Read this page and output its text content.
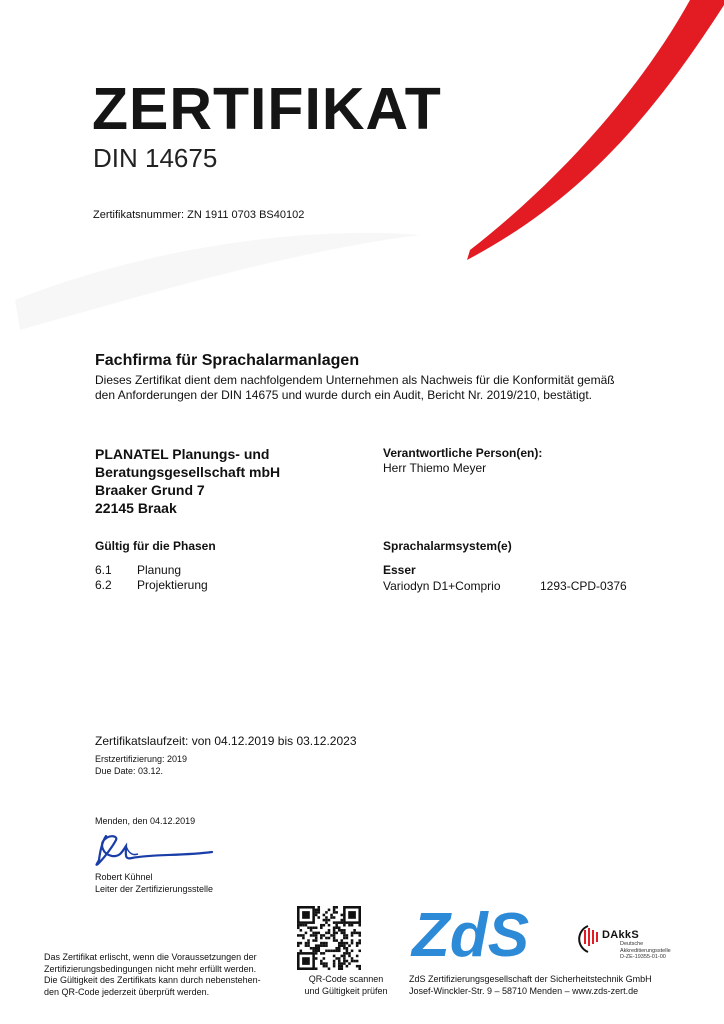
ZERTIFIKAT
DIN 14675
Zertifikatsnummer: ZN 1911 0703 BS40102
Fachfirma für Sprachalarmanlagen
Dieses Zertifikat dient dem nachfolgendem Unternehmen als Nachweis für die Konformität gemäß
den Anforderungen der DIN 14675 und wurde durch ein Audit, Bericht Nr. 2019/210, bestätigt.
PLANATEL Planungs- und
Beratungsgesellschaft mbH
Braaker Grund 7
22145 Braak
Verantwortliche Person(en):
Herr Thiemo Meyer
Gültig für die Phasen
6.1 Planung
6.2 Projektierung
Sprachalarmsystem(e)
Esser
Variodyn D1+Comprio	1293-CPD-0376
Zertifikatslaufzeit: von 04.12.2019 bis 03.12.2023
Erstzertifizierung: 2019
Due Date: 03.12.
Menden, den 04.12.2019
Robert Kühnel
Leiter der Zertifizierungsstelle
Das Zertifikat erlischt, wenn die Voraussetzungen der
Zertifizierungsbedingungen nicht mehr erfüllt werden.
Die Gültigkeit des Zertifikats kann durch nebenstehen-
den QR-Code jederzeit überprüft werden.
QR-Code scannen
und Gültigkeit prüfen
ZdS
ZdS Zertifizierungsgesellschaft der Sicherheitstechnik GmbH
Josef-Winckler-Str. 9 – 58710 Menden – www.zds-zert.de
DAkkS
Deutsche
Akkreditierungsstelle
D-ZE-19355-01-00
